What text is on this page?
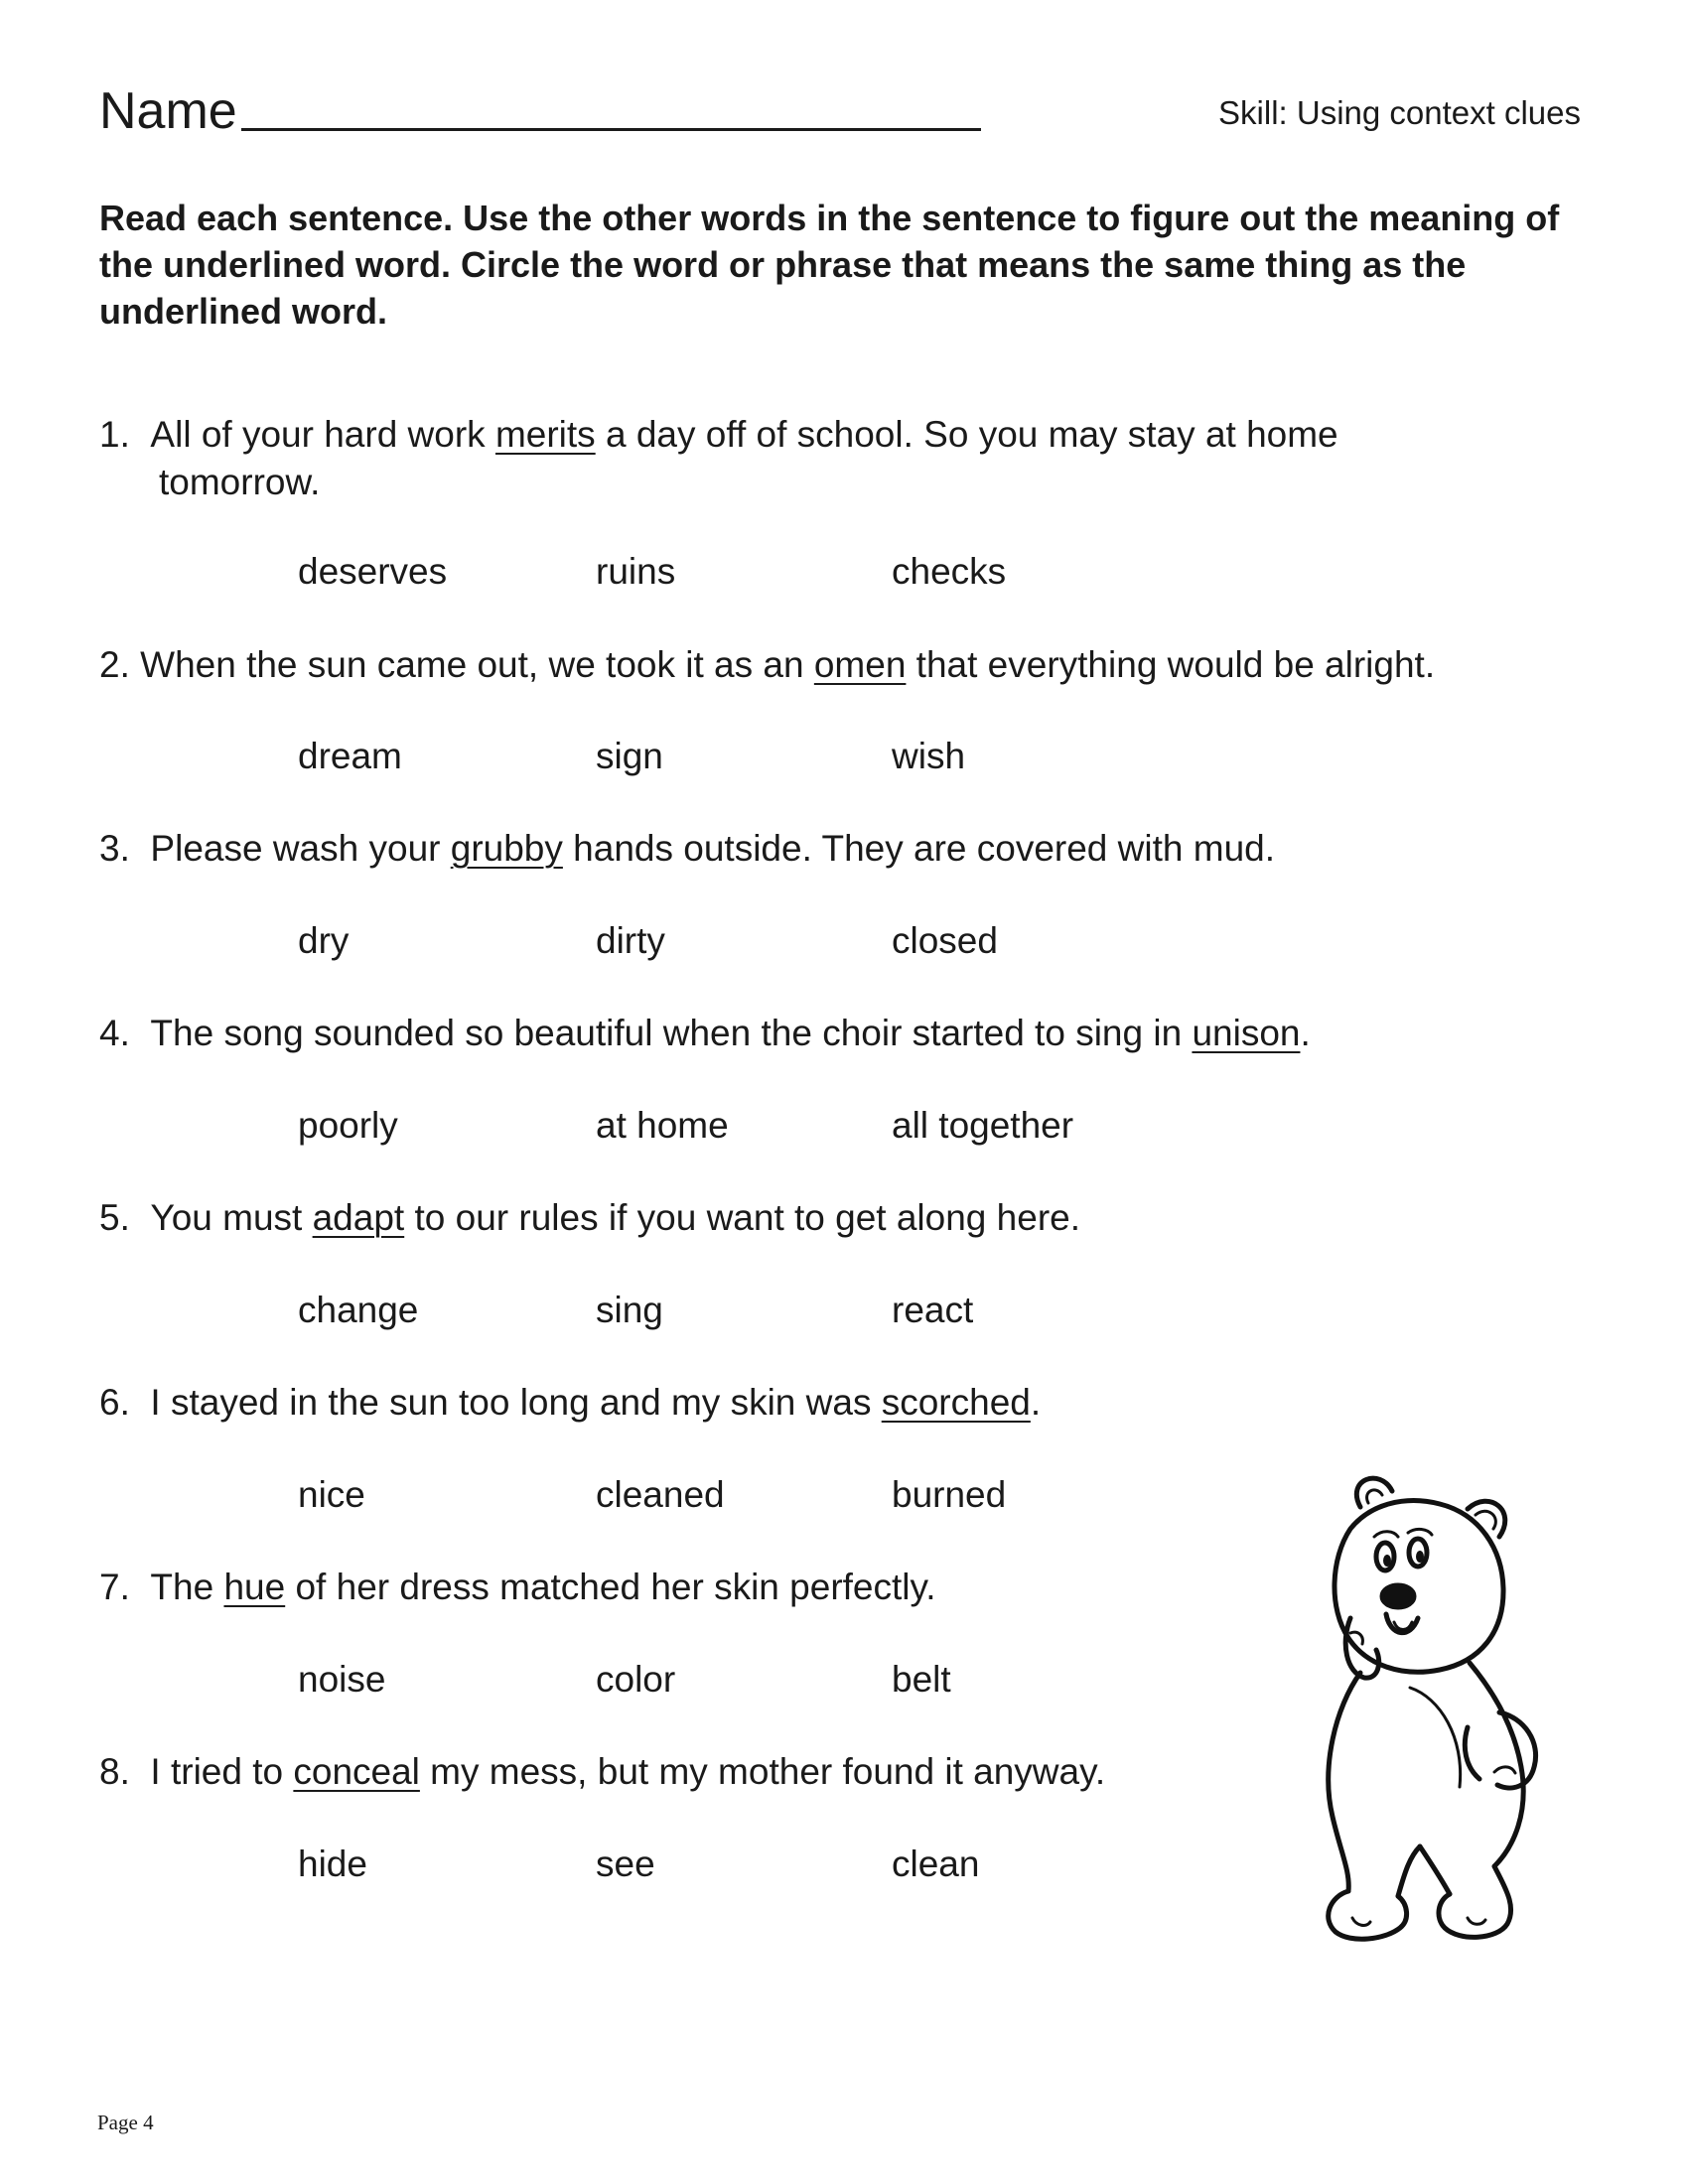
Name	Skill: Using context clues
Read each sentence. Use the other words in the sentence to figure out the meaning of the underlined word. Circle the word or phrase that means the same thing as the underlined word.
1. All of your hard work merits a day off of school. So you may stay at home tomorrow.
deserves	ruins	checks
2. When the sun came out, we took it as an omen that everything would be alright.
dream	sign	wish
3. Please wash your grubby hands outside. They are covered with mud.
dry	dirty	closed
4. The song sounded so beautiful when the choir started to sing in unison.
poorly	at home	all together
5. You must adapt to our rules if you want to get along here.
change	sing	react
6. I stayed in the sun too long and my skin was scorched.
nice	cleaned	burned
7. The hue of her dress matched her skin perfectly.
noise	color	belt
8. I tried to conceal my mess, but my mother found it anyway.
hide	see	clean
Page 4
